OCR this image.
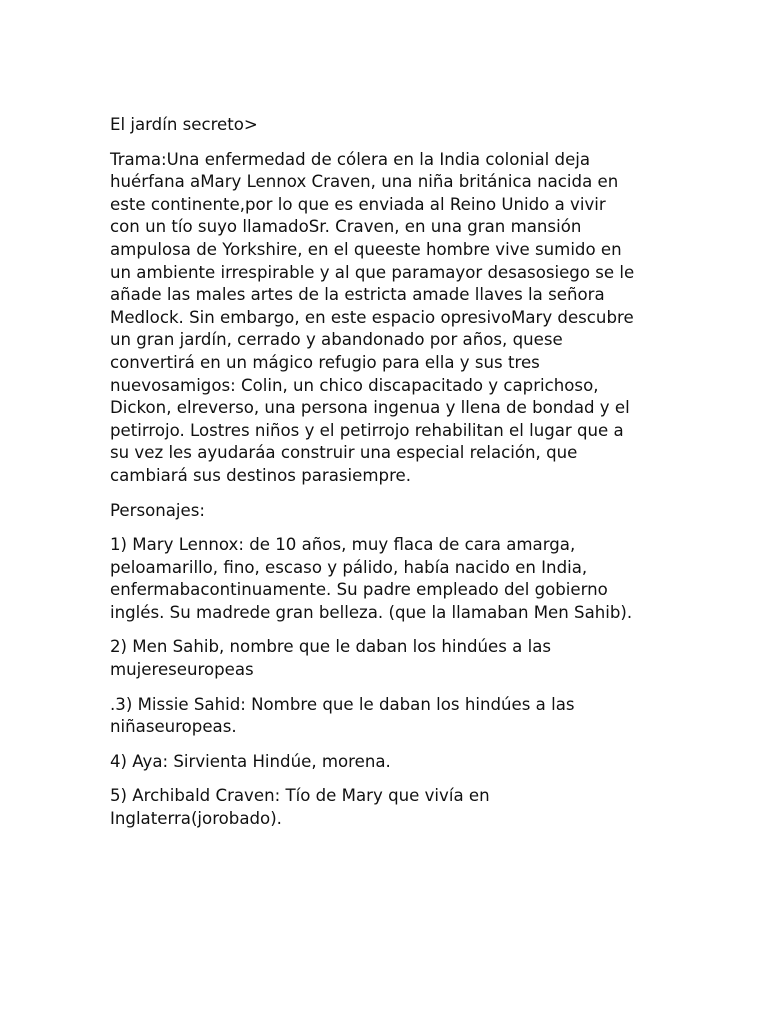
El jardín secreto>

Trama:Una enfermedad de cólera en la India colonial deja huérfana aMary Lennox Craven, una niña británica nacida en este continente,por lo que es enviada al Reino Unido a vivir con un tío suyo llamadoSr. Craven, en una gran mansión ampulosa de Yorkshire, en el queeste hombre vive sumido en un ambiente irrespirable y al que paramayor desasosiego se le añade las males artes de la estricta amade llaves la señora Medlock. Sin embargo, en este espacio opresivoMary descubre un gran jardín, cerrado y abandonado por años, quese convertirá en un mágico refugio para ella y sus tres nuevosamigos: Colin, un chico discapacitado y caprichoso, Dickon, elreverso, una persona ingenua y llena de bondad y el petirrojo. Lostres niños y el petirrojo rehabilitan el lugar que a su vez les ayudaráa construir una especial relación, que cambiará sus destinos parasiempre.

Personajes:

1) Mary Lennox: de 10 años, muy flaca de cara amarga, peloamarillo, fino, escaso y pálido, había nacido en India, enfermabacontinuamente. Su padre empleado del gobierno inglés. Su madrede gran belleza. (que la llamaban Men Sahib).

2) Men Sahib, nombre que le daban los hindúes a las mujereseuropeas

.3) Missie Sahid: Nombre que le daban los hindúes a las niñaseuropeas.

4) Aya: Sirvienta Hindúe, morena.

5) Archibald Craven: Tío de Mary que vivía en Inglaterra(jorobado).
